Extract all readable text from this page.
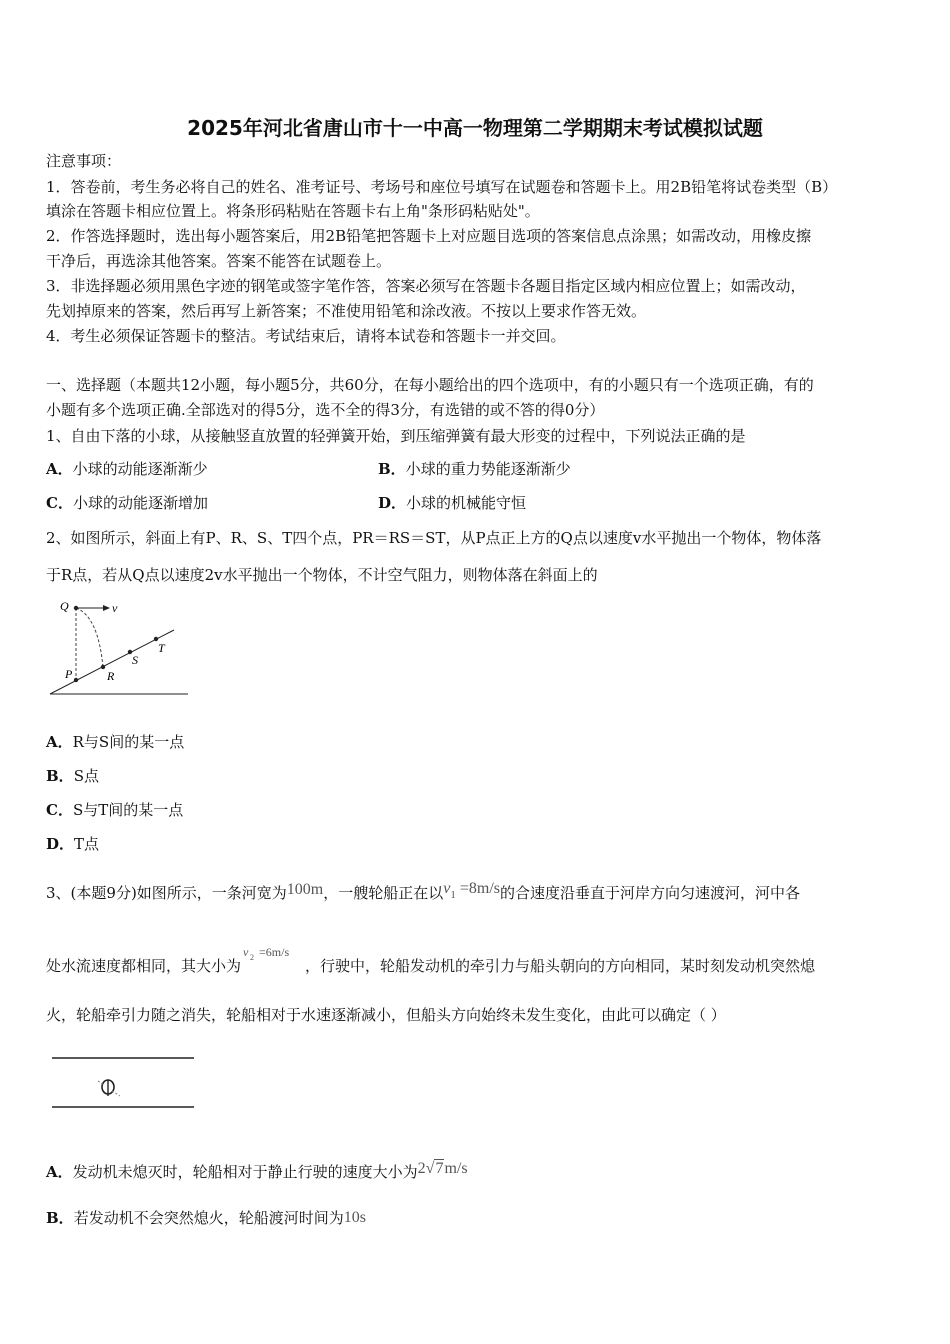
2025年河北省唐山市十一中高一物理第二学期期末考试模拟试题
注意事项：
1．答卷前，考生务必将自己的姓名、准考证号、考场号和座位号填写在试题卷和答题卡上。用2B铅笔将试卷类型（B）
填涂在答题卡相应位置上。将条形码粘贴在答题卡右上角"条形码粘贴处"。
2．作答选择题时，选出每小题答案后，用2B铅笔把答题卡上对应题目选项的答案信息点涂黑；如需改动，用橡皮擦
干净后，再选涂其他答案。答案不能答在试题卷上。
3．非选择题必须用黑色字迹的钢笔或签字笔作答，答案必须写在答题卡各题目指定区域内相应位置上；如需改动，
先划掉原来的答案，然后再写上新答案；不准使用铅笔和涂改液。不按以上要求作答无效。
4．考生必须保证答题卡的整洁。考试结束后，请将本试卷和答题卡一并交回。
一、选择题（本题共12小题，每小题5分，共60分，在每小题给出的四个选项中，有的小题只有一个选项正确，有的
小题有多个选项正确.全部选对的得5分，选不全的得3分，有选错的或不答的得0分）
1、自由下落的小球，从接触竖直放置的轻弹簧开始，到压缩弹簧有最大形变的过程中，下列说法正确的是
A．小球的动能逐渐渐少	B．小球的重力势能逐渐渐少
C．小球的动能逐渐增加	D．小球的机械能守恒
2、如图所示，斜面上有P、R、S、T四个点，PR＝RS＝ST，从P点正上方的Q点以速度v水平抛出一个物体，物体落
于R点，若从Q点以速度2v水平抛出一个物体，不计空气阻力，则物体落在斜面上的
Q	v
P	R
S
T
A．R与S间的某一点
B．S点
C．S与T间的某一点
D．T点
3、(本题9分)如图所示，一条河宽为100m，一艘轮船正在以v1 =8m/s的合速度沿垂直于河岸方向匀速渡河，河中各
处水流速度都相同，其大小为
v 2 =6m/s
，行驶中，轮船发动机的牵引力与船头朝向的方向相同，某时刻发动机突然熄
火，轮船牵引力随之消失，轮船相对于水速逐渐减小，但船头方向始终未发生变化，由此可以确定（ ）
A．发动机未熄灭时，轮船相对于静止行驶的速度大小为2√7m/s
B．若发动机不会突然熄火，轮船渡河时间为10s
